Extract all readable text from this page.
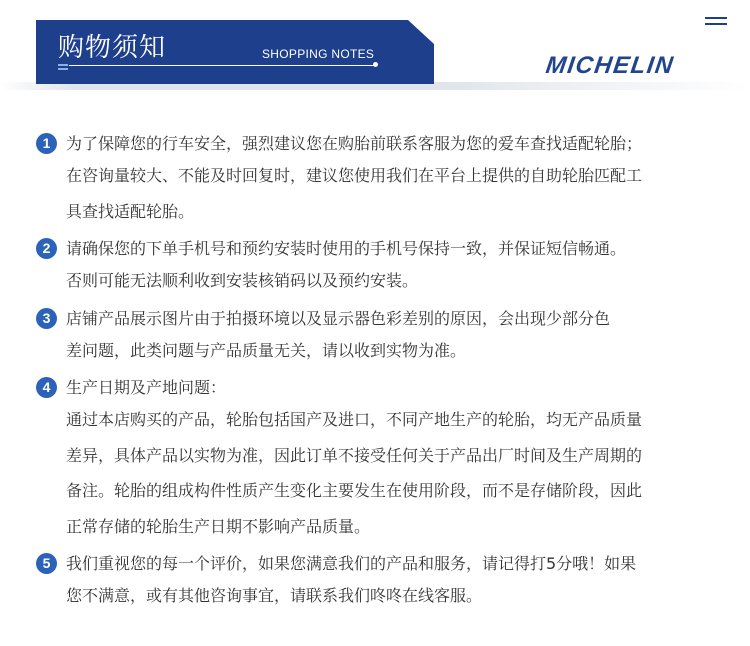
购物须知	SHOPPING NOTES	MICHELIN
1 为了保障您的行车安全，强烈建议您在购胎前联系客服为您的爱车查找适配轮胎；
在咨询量较大、不能及时回复时，建议您使用我们在平台上提供的自助轮胎匹配工
具查找适配轮胎。
2 请确保您的下单手机号和预约安装时使用的手机号保持一致，并保证短信畅通。
否则可能无法顺利收到安装核销码以及预约安装。
3 店铺产品展示图片由于拍摄环境以及显示器色彩差别的原因，会出现少部分色
差问题，此类问题与产品质量无关，请以收到实物为准。
4 生产日期及产地问题：
通过本店购买的产品，轮胎包括国产及进口，不同产地生产的轮胎，均无产品质量
差异，具体产品以实物为准，因此订单不接受任何关于产品出厂时间及生产周期的
备注。轮胎的组成构件性质产生变化主要发生在使用阶段，而不是存储阶段，因此
正常存储的轮胎生产日期不影响产品质量。
5 我们重视您的每一个评价，如果您满意我们的产品和服务，请记得打5分哦！如果
您不满意，或有其他咨询事宜，请联系我们咚咚在线客服。
